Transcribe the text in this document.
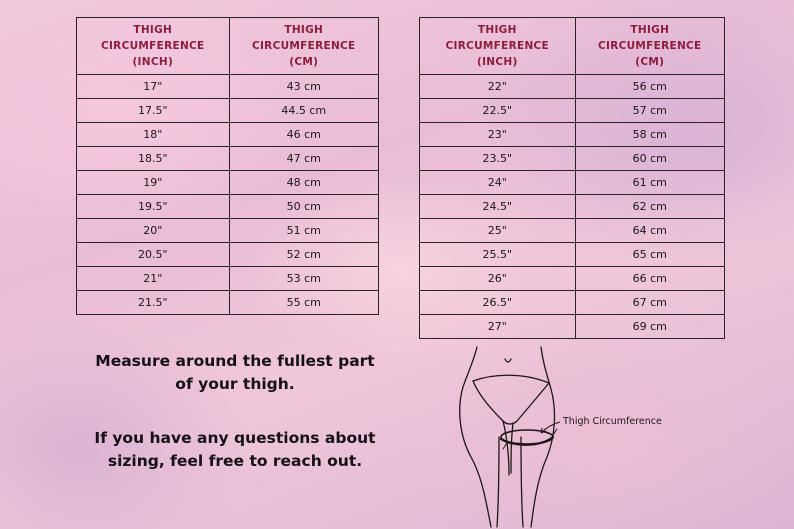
THIGH
CIRCUMFERENCE
(INCH)	THIGH
CIRCUMFERENCE
(CM)
17"	43 cm
17.5"	44.5 cm
18"	46 cm
18.5"	47 cm
19"	48 cm
19.5"	50 cm
20"	51 cm
20.5"	52 cm
21"	53 cm
21.5"	55 cm
THIGH
CIRCUMFERENCE
(INCH)	THIGH
CIRCUMFERENCE
(CM)
22"	56 cm
22.5"	57 cm
23"	58 cm
23.5"	60 cm
24"	61 cm
24.5"	62 cm
25"	64 cm
25.5"	65 cm
26"	66 cm
26.5"	67 cm
27"	69 cm
Measure around the fullest part of your thigh.
If you have any questions about sizing, feel free to reach out.
Thigh Circumference
